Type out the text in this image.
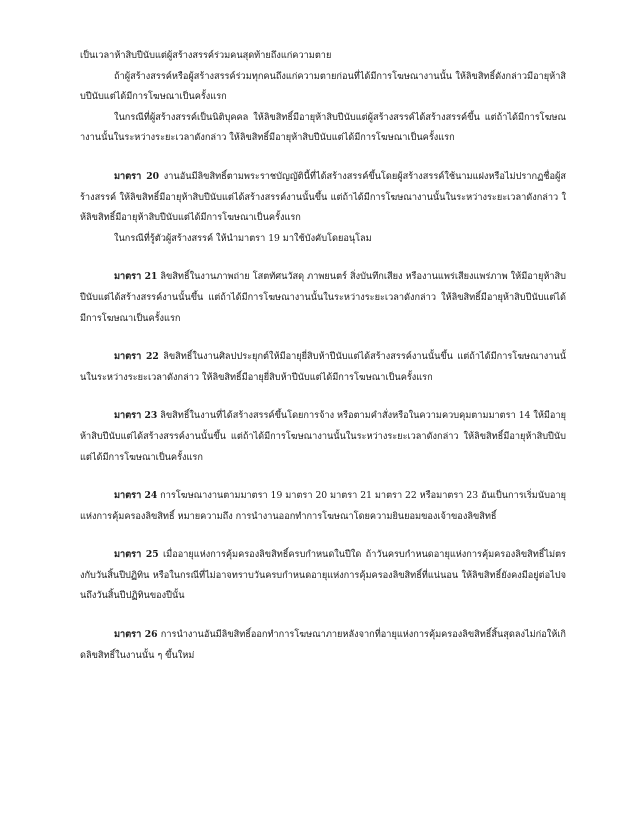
เป็นเวลาห้าสิบปีนับแต่ผู้สร้างสรรค์ร่วมคนสุดท้ายถึงแก่ความตาย

ถ้าผู้สร้างสรรค์หรือผู้สร้างสรรค์ร่วมทุกคนถึงแก่ความตายก่อนที่ได้มีการโฆษณางานนั้น ให้ลิขสิทธิ์ดังกล่าวมีอายุห้าสิบปีนับแต่ได้มีการโฆษณาเป็นครั้งแรก

ในกรณีที่ผู้สร้างสรรค์เป็นนิติบุคคล ให้ลิขสิทธิ์มีอายุห้าสิบปีนับแต่ผู้สร้างสรรค์ได้สร้างสรรค์ขึ้น แต่ถ้าได้มีการโฆษณางานนั้นในระหว่างระยะเวลาดังกล่าว ให้ลิขสิทธิ์มีอายุห้าสิบปีนับแต่ได้มีการโฆษณาเป็นครั้งแรก

มาตรา 20 งานอันมีลิขสิทธิ์ตามพระราชบัญญัตินี้ที่ได้สร้างสรรค์ขึ้นโดยผู้สร้างสรรค์ใช้นามแฝงหรือไม่ปรากฏชื่อผู้สร้างสรรค์ ให้ลิขสิทธิ์มีอายุห้าสิบปีนับแต่ได้สร้างสรรค์งานนั้นขึ้น แต่ถ้าได้มีการโฆษณางานนั้นในระหว่างระยะเวลาดังกล่าว ให้ลิขสิทธิ์มีอายุห้าสิบปีนับแต่ได้มีการโฆษณาเป็นครั้งแรก

ในกรณีที่รู้ตัวผู้สร้างสรรค์ ให้นำมาตรา 19 มาใช้บังคับโดยอนุโลม

มาตรา 21 ลิขสิทธิ์ในงานภาพถ่าย โสตทัศนวัสดุ ภาพยนตร์ สิ่งบันทึกเสียง หรืองานแพร่เสียงแพร่ภาพ ให้มีอายุห้าสิบปีนับแต่ได้สร้างสรรค์งานนั้นขึ้น แต่ถ้าได้มีการโฆษณางานนั้นในระหว่างระยะเวลาดังกล่าว ให้ลิขสิทธิ์มีอายุห้าสิบปีนับแต่ได้มีการโฆษณาเป็นครั้งแรก

มาตรา 22 ลิขสิทธิ์ในงานศิลปประยุกต์ให้มีอายุยี่สิบห้าปีนับแต่ได้สร้างสรรค์งานนั้นขึ้น แต่ถ้าได้มีการโฆษณางานนั้นในระหว่างระยะเวลาดังกล่าว ให้ลิขสิทธิ์มีอายุยี่สิบห้าปีนับแต่ได้มีการโฆษณาเป็นครั้งแรก

มาตรา 23 ลิขสิทธิ์ในงานที่ได้สร้างสรรค์ขึ้นโดยการจ้าง หรือตามคำสั่งหรือในความควบคุมตามมาตรา 14 ให้มีอายุห้าสิบปีนับแต่ได้สร้างสรรค์งานนั้นขึ้น แต่ถ้าได้มีการโฆษณางานนั้นในระหว่างระยะเวลาดังกล่าว ให้ลิขสิทธิ์มีอายุห้าสิบปีนับแต่ได้มีการโฆษณาเป็นครั้งแรก

มาตรา 24 การโฆษณางานตามมาตรา 19 มาตรา 20 มาตรา 21 มาตรา 22 หรือมาตรา 23 อันเป็นการเริ่มนับอายุแห่งการคุ้มครองลิขสิทธิ์ หมายความถึง การนำงานออกทำการโฆษณาโดยความยินยอมของเจ้าของลิขสิทธิ์

มาตรา 25 เมื่ออายุแห่งการคุ้มครองลิขสิทธิ์ครบกำหนดในปีใด ถ้าวันครบกำหนดอายุแห่งการคุ้มครองลิขสิทธิ์ไม่ตรงกับวันสิ้นปีปฏิทิน หรือในกรณีที่ไม่อาจทราบวันครบกำหนดอายุแห่งการคุ้มครองลิขสิทธิ์ที่แน่นอน ให้ลิขสิทธิ์ยังคงมีอยู่ต่อไปจนถึงวันสิ้นปีปฏิทินของปีนั้น

มาตรา 26 การนำงานอันมีลิขสิทธิ์ออกทำการโฆษณาภายหลังจากที่อายุแห่งการคุ้มครองลิขสิทธิ์สิ้นสุดลงไม่ก่อให้เกิดลิขสิทธิ์ในงานนั้น ๆ ขึ้นใหม่
